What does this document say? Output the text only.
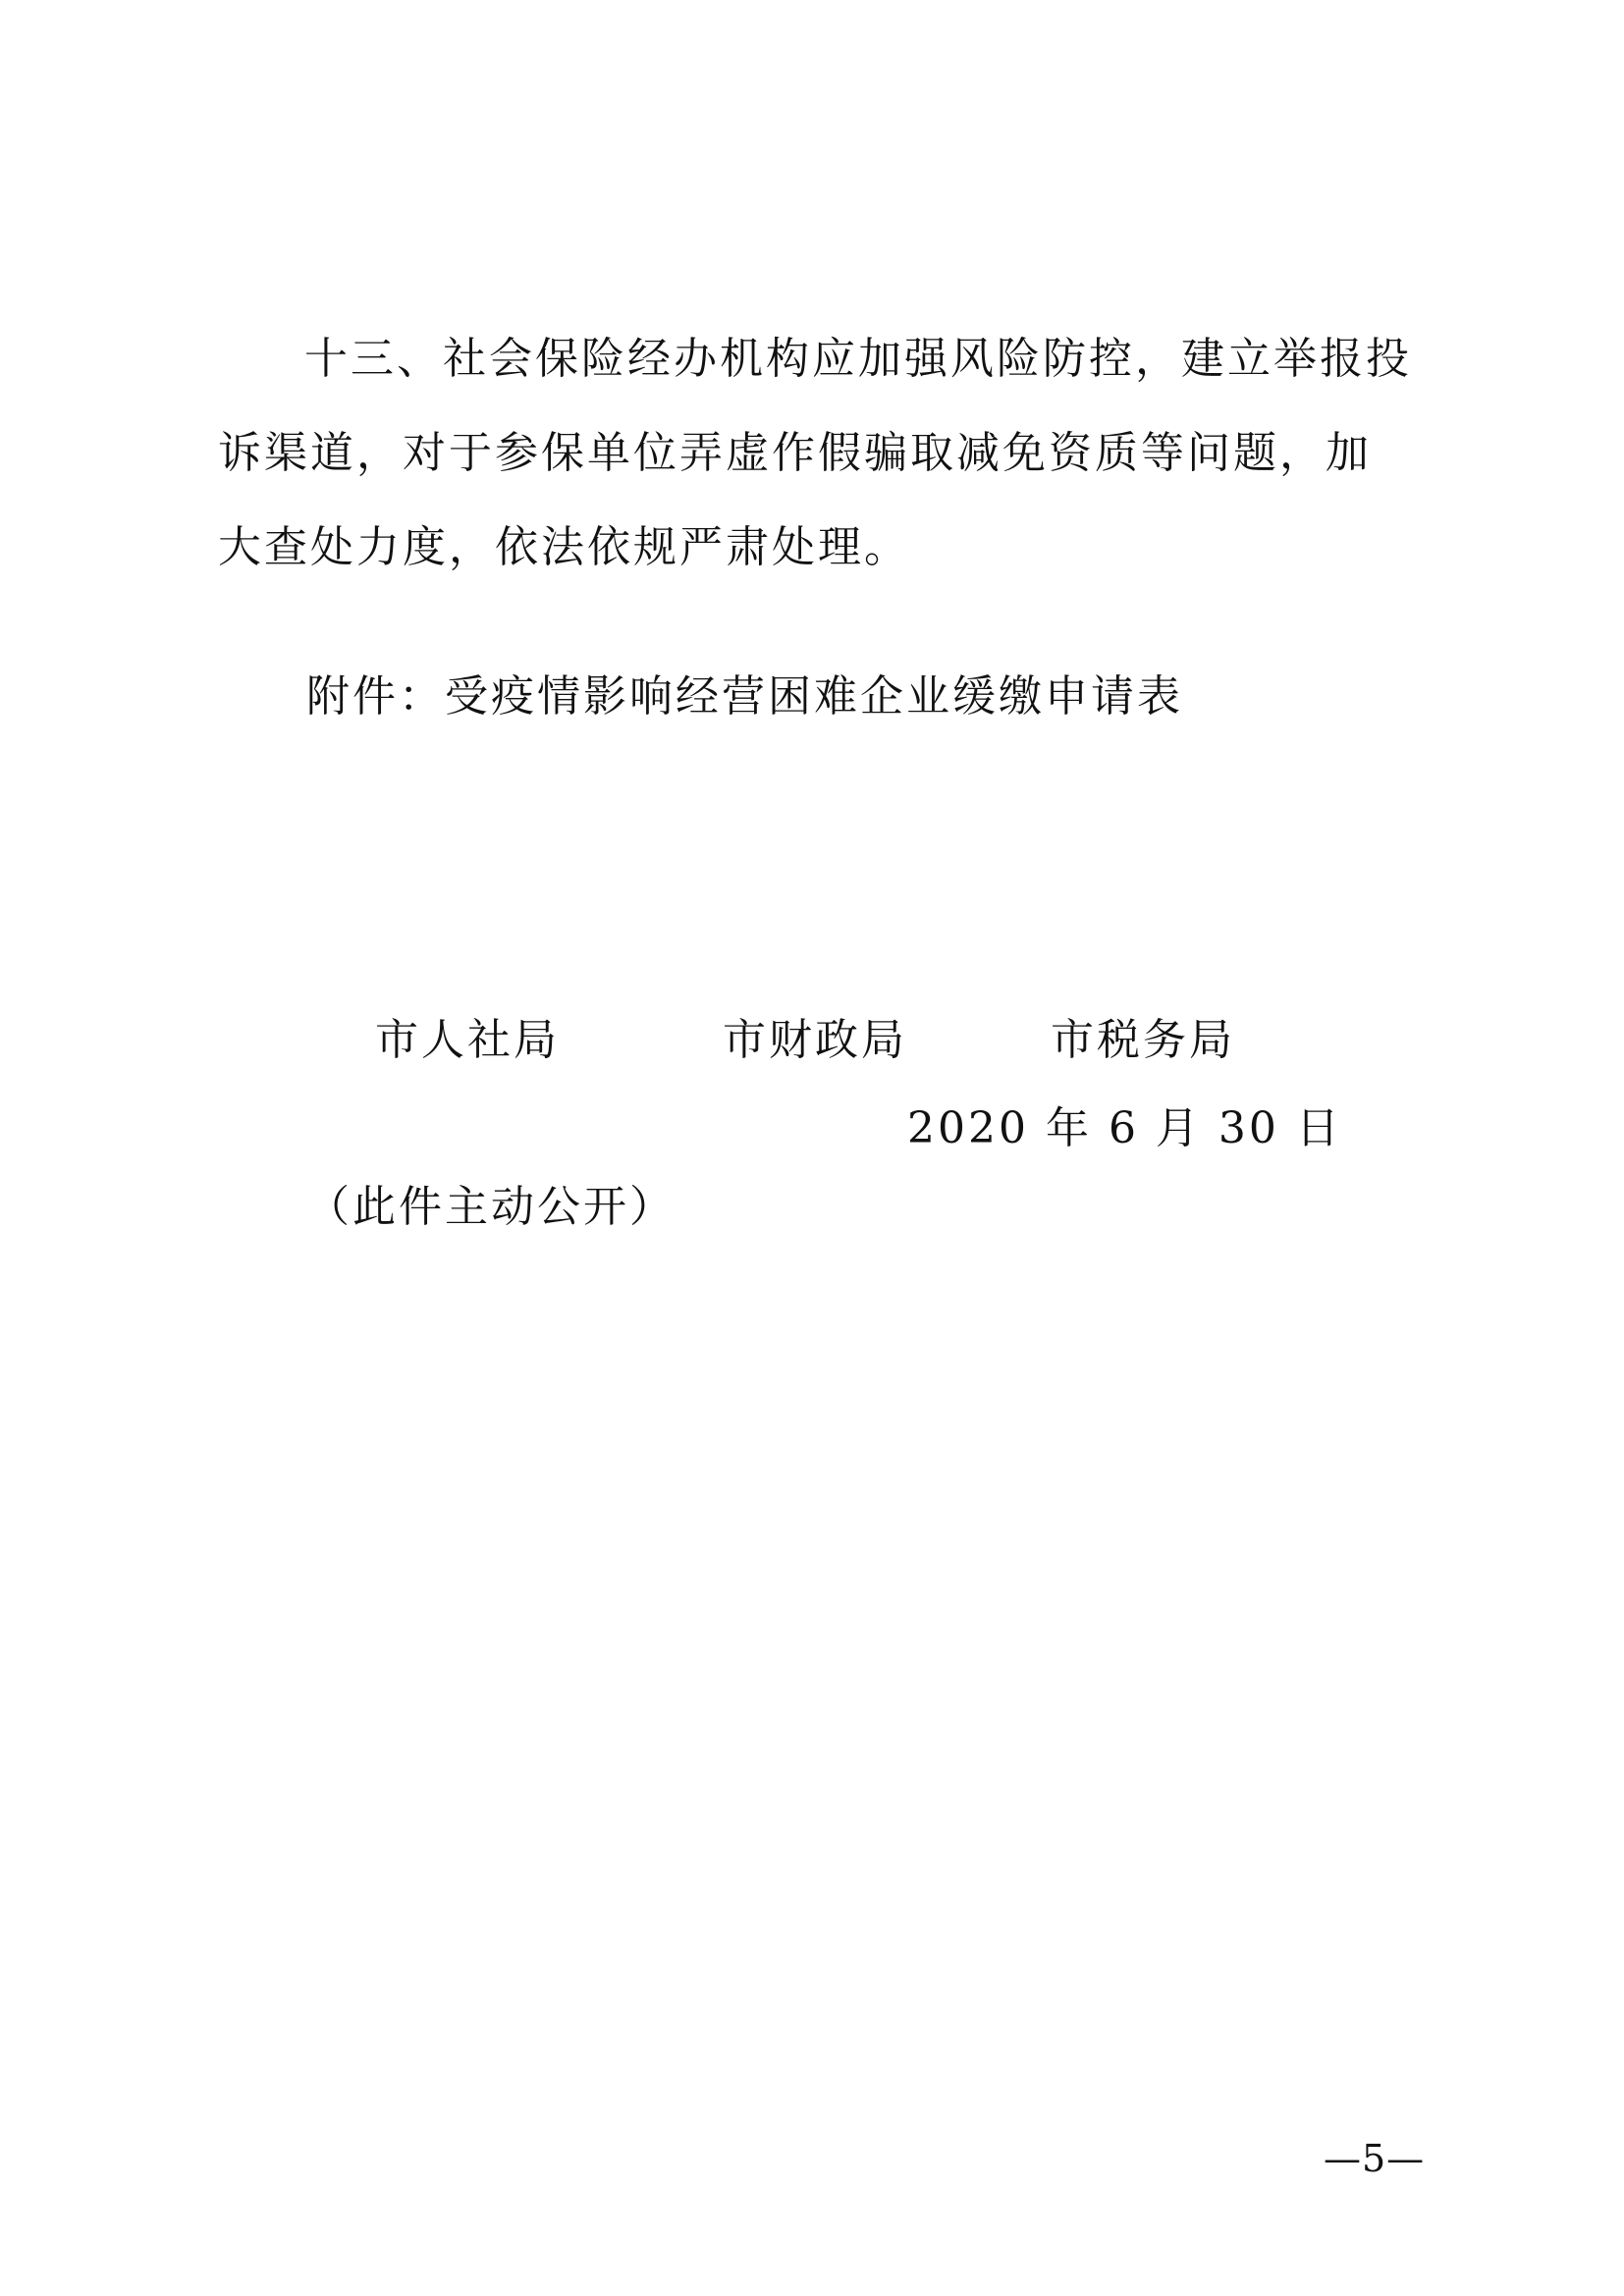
十三、社会保险经办机构应加强风险防控，建立举报投诉渠道，对于参保单位弄虚作假骗取减免资质等问题，加大查处力度，依法依规严肃处理。

附件：受疫情影响经营困难企业缓缴申请表
市人社局	市财政局	市税务局
2020 年 6 月 30 日
（此件主动公开）
—5—
